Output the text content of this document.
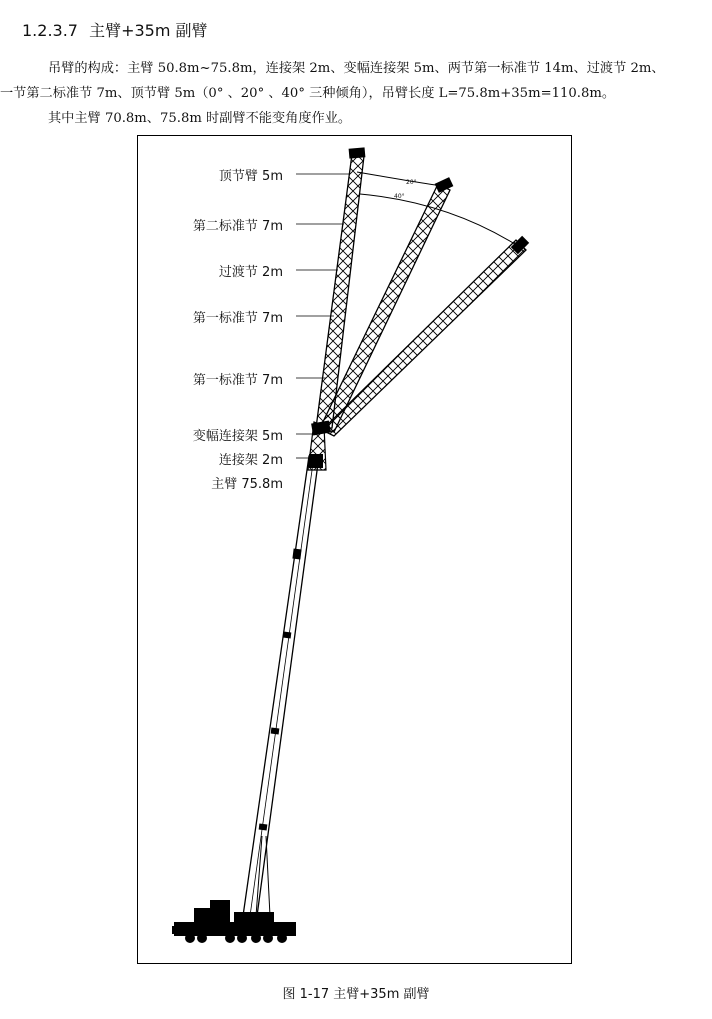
1.2.3.7 主臂+35m 副臂

吊臂的构成：主臂 50.8m~75.8m，连接架 2m、变幅连接架 5m、两节第一标准节 14m、过渡节 2m、
一节第二标准节 7m、顶节臂 5m（0° 、20° 、40° 三种倾角），吊臂长度 L=75.8m+35m=110.8m。

其中主臂 70.8m、75.8m 时副臂不能变角度作业。

顶节臂 5m
第二标准节 7m
过渡节 2m
第一标准节 7m
第一标准节 7m
变幅连接架 5m
连接架 2m
主臂 75.8m
20°
40°
图 1-17 主臂+35m 副臂
